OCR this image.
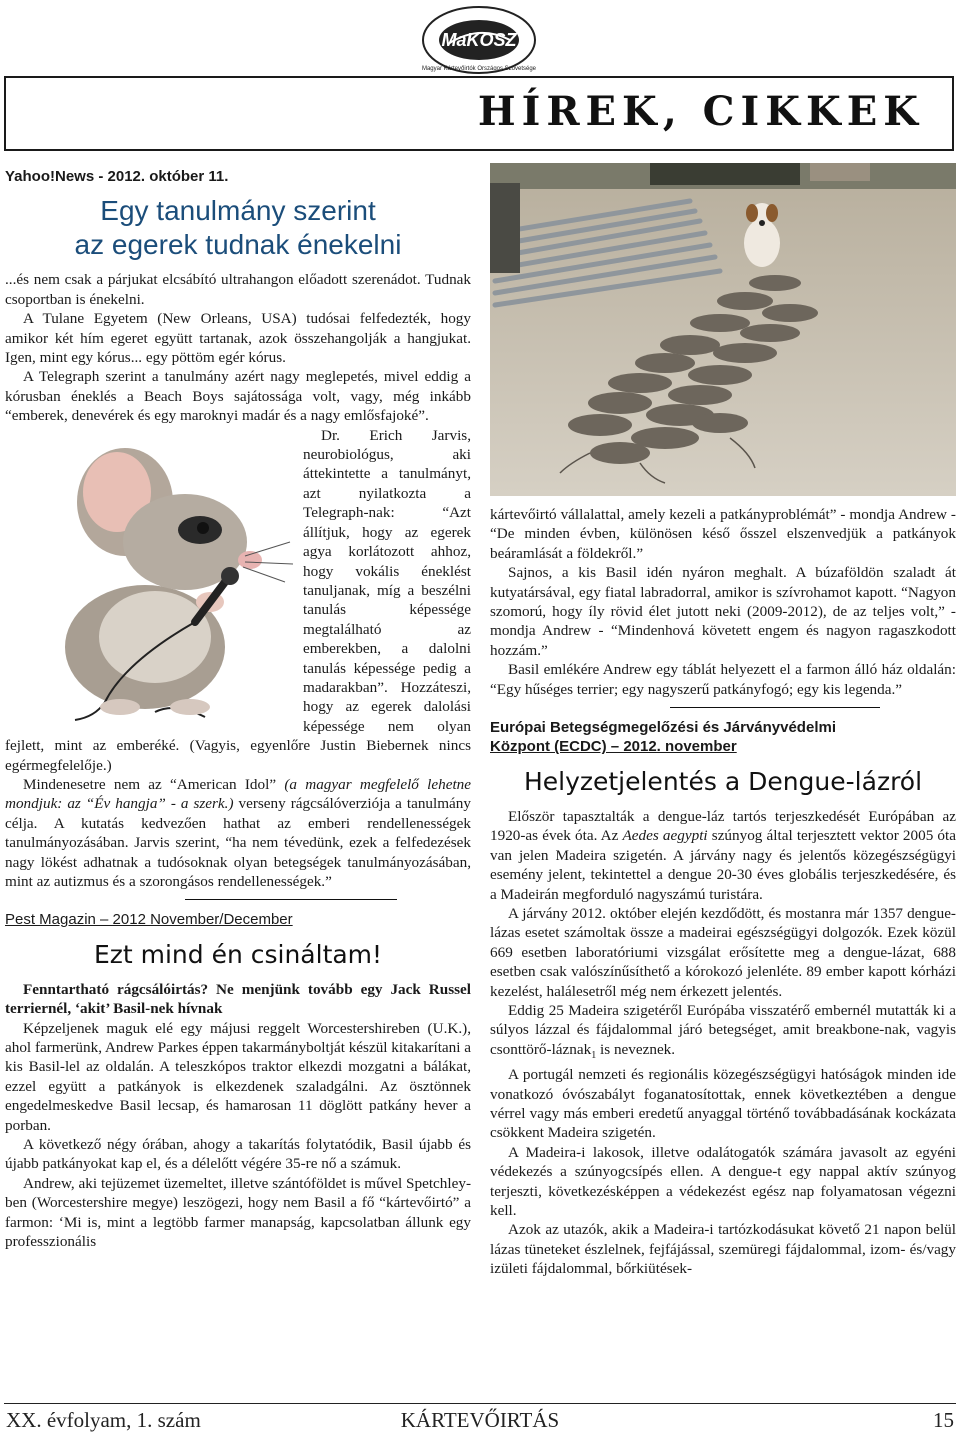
MaKOSZ
Magyar Kártevőirtók Országos Szövetsége
HÍREK, CIKKEK
Yahoo!News - 2012. október 11.
Egy tanulmány szerint
az egerek tudnak énekelni

...és nem csak a párjukat elcsábító ultrahangon előadott szerenádot. Tudnak csoportban is énekelni.

A Tulane Egyetem (New Orleans, USA) tudósai felfedezték, hogy amikor két hím egeret együtt tartanak, azok összehangolják a hangjukat. Igen, mint egy kórus... egy pöttöm egér kórus.

A Telegraph szerint a tanulmány azért nagy meglepetés, mivel eddig a kórusban éneklés a Beach Boys sajátossága volt, vagy, még inkább “emberek, denevérek és egy maroknyi madár és a nagy emlősfajoké”.

Dr. Erich Jarvis, neurobiológus, aki áttekintette a tanulmányt, azt nyilatkozta a Telegraph-nak: “Azt állítjuk, hogy az egerek agya korlátozott ahhoz, hogy vokális éneklést tanuljanak, míg a beszélni tanulás képessége megtalálható az emberekben, a dalolni tanulás képessége pedig a madarakban”. Hozzáteszi, hogy az egerek dalolási képessége nem olyan fejlett, mint az emberéké. (Vagyis, egyenlőre Justin Biebernek nincs egérmegfelelője.)

Mindenesetre nem az “American Idol” (a magyar megfelelő lehetne mondjuk: az “Év hangja” - a szerk.) verseny rágcsálóverziója a tanulmány célja. A kutatás kedvezően hathat az emberi rendellenességek tanulmányozásában. Jarvis szerint, “ha nem tévedünk, ezek a felfedezések nagy lökést adhatnak a tudósoknak olyan betegségek tanulmányozásában, mint az autizmus és a szorongásos rendellenességek.”

Pest Magazin – 2012 November/December
Ezt mind én csináltam!

Fenntartható rágcsálóirtás? Ne menjünk tovább egy Jack Russel terriernél, ‘akit’ Basil-nek hívnak

Képzeljenek maguk elé egy májusi reggelt Worcestershireben (U.K.), ahol farmerünk, Andrew Parkes éppen takarmányboltját készül kitakarítani a kis Basil-lel az oldalán. A teleszkópos traktor elkezdi mozgatni a bálákat, ezzel együtt a patkányok is elkezdenek szaladgálni. Az ösztönnek engedelmeskedve Basil lecsap, és hamarosan 11 döglött patkány hever a porban.

A következő négy órában, ahogy a takarítás folytatódik, Basil újabb és újabb patkányokat kap el, és a délelőtt végére 35-re nő a számuk.

Andrew, aki tejüzemet üzemeltet, illetve szántóföldet is művel Spetchley-ben (Worcestershire megye) leszögezi, hogy nem Basil a fő “kártevőirtó” a farmon: ‘Mi is, mint a legtöbb farmer manapság, kapcsolatban állunk egy professzionális

kártevőirtó vállalattal, amely kezeli a patkányproblémát” - mondja Andrew - “De minden évben, különösen késő ősszel elszenvedjük a patkányok beáramlását a földekről.”

Sajnos, a kis Basil idén nyáron meghalt. A búzaföldön szaladt át kutyatársával, egy fiatal labradorral, amikor is szívrohamot kapott. “Nagyon szomorú, hogy íly rövid élet jutott neki (2009-2012), de az teljes volt,” - mondja Andrew - “Mindenhová követett engem és nagyon ragaszkodott hozzám.”

Basil emlékére Andrew egy táblát helyezett el a farmon álló ház oldalán: “Egy hűséges terrier; egy nagyszerű patkányfogó; egy kis legenda.”

Európai Betegségmegelőzési és Járványvédelmi
Központ (ECDC) – 2012. november
Helyzetjelentés a Dengue-lázról

Először tapasztalták a dengue-láz tartós terjeszkedését Európában az 1920-as évek óta. Az Aedes aegypti szúnyog által terjesztett vektor 2005 óta van jelen Madeira szigetén. A járvány nagy és jelentős közegészségügyi esemény jelent, tekintettel a dengue 20-30 éves globális terjeszkedésére, és a Madeirán megforduló nagyszámú turistára.

A járvány 2012. október elején kezdődött, és mostanra már 1357 dengue-lázas esetet számoltak össze a madeirai egészségügyi dolgozók. Ezek közül 669 esetben laboratóriumi vizsgálat erősítette meg a dengue-lázat, 688 esetben csak valószínűsíthető a kórokozó jelenléte. 89 ember kapott kórházi kezelést, halálesetről még nem érkezett jelentés.

Eddig 25 Madeira szigetéről Európába visszatérő embernél mutatták ki a súlyos lázzal és fájdalommal járó betegséget, amit breakbone-nak, vagyis csonttörő-láznak$_1$ is neveznek.

A portugál nemzeti és regionális közegészségügyi hatóságok minden ide vonatkozó óvószabályt foganatosítottak, ennek következtében a dengue vérrel vagy más emberi eredetű anyaggal történő továbbadásának kockázata csökkent Madeira szigetén.

A Madeira-i lakosok, illetve odalátogatók számára javasolt az egyéni védekezés a szúnyogcsípés ellen. A dengue-t egy nappal aktív szúnyog terjeszti, következésképpen a védekezést egész nap folyamatosan végezni kell.

Azok az utazók, akik a Madeira-i tartózkodásukat követő 21 napon belül lázas tüneteket észlelnek, fejfájással, szemüregi fájdalommal, izom- és/vagy izületi fájdalommal, bőrkiütések-

KÁRTEVŐIRTÁS
XX. évfolyam, 1. szám	15
